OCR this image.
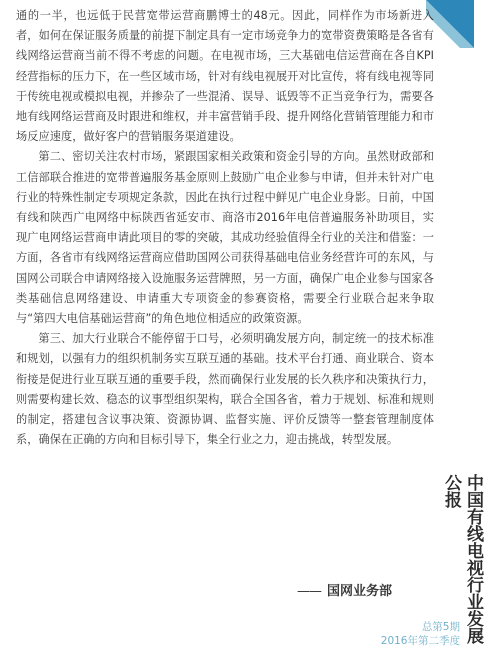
通的一半，也远低于民营宽带运营商鹏博士的48元。因此，同样作为市场新进入者，如何在保证服务质量的前提下制定具有一定市场竞争力的宽带资费策略是各省有线网络运营商当前不得不考虑的问题。在电视市场，三大基础电信运营商在各自KPI经营指标的压力下，在一些区域市场，针对有线电视展开对比宣传，将有线电视等同于传统电视或模拟电视，并掺杂了一些混淆、误导、诋毁等不正当竞争行为，需要各地有线网络运营商及时跟进和维权，并丰富营销手段、提升网络化营销管理能力和市场反应速度，做好客户的营销服务渠道建设。

第二、密切关注农村市场，紧跟国家相关政策和资金引导的方向。虽然财政部和工信部联合推进的宽带普遍服务基金原则上鼓励广电企业参与申请，但并未针对广电行业的特殊性制定专项规定条款，因此在执行过程中鲜见广电企业身影。日前，中国有线和陕西广电网络中标陕西省延安市、商洛市2016年电信普遍服务补助项目，实现广电网络运营商申请此项目的零的突破，其成功经验值得全行业的关注和借鉴：一方面，各省市有线网络运营商应借助国网公司获得基础电信业务经营许可的东风，与国网公司联合申请网络接入设施服务运营牌照，另一方面，确保广电企业参与国家各类基础信息网络建设、申请重大专项资金的参赛资格，需要全行业联合起来争取与“第四大电信基础运营商”的角色地位相适应的政策资源。

第三、加大行业联合不能停留于口号，必须明确发展方向，制定统一的技术标准和规划，以强有力的组织机制务实互联互通的基础。技术平台打通、商业联合、资本衔接是促进行业互联互通的重要手段，然而确保行业发展的长久秩序和决策执行力，则需要构建长效、稳态的议事型组织架构，联合全国各省，着力于规划、标准和规则的制定，搭建包含议事决策、资源协调、监督实施、评价反馈等一整套管理制度体系，确保在正确的方向和目标引导下，集全行业之力，迎击挑战，转型发展。

—— 国网业务部	中国有线电视行业发展公报
总第5期
2016年第二季度
